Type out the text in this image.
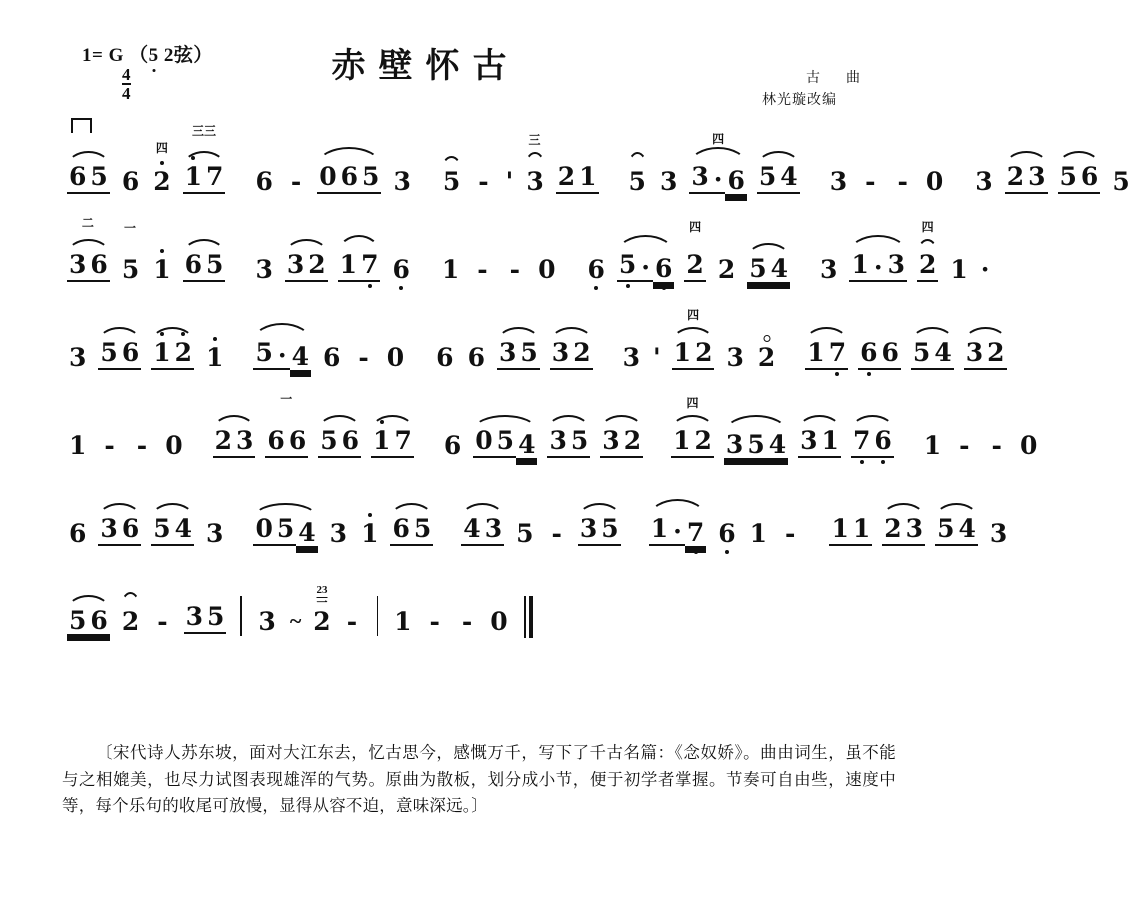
1= G （5 2弦）
$\frac{4}{4}$	赤壁怀古	古曲
林光璇改编
6 5 6
四
2
三三
1 7 6 - 0 6 5 3 5 - '
三
3 2 1 5 3
四
3 · 6 5 4 3 - - 0 3 2 3 5 6 5
二
3 6
一
5 1 6 5 3 3 2 1 7 6 1 - - 0 6 5 · 6
四
2 2 5 4 3 1 · 3
四
2 1 ·
3 5 6 1 2 1 5 · 4 6 - 0 6 6 3 5 3 2 3 '
四
1 2 3 2 1 7 6 6 5 4 3 2
1 - - 0 2 3
一
6 6 5 6 1 7 6 0 5 4 3 5 3 2
四
1 2 3 5 4 3 1 7 6 1 - - 0
6 3 6 5 4 3 0 5 4 3 1 6 5 4 3 5 - 3 5 1 · 7 6 1 - 1 1 2 3 5 4 3
5 6 2 - 3 5 3 ~
$\frac{23}{\text{一}}$
2 - 1 - - 0
〔宋代诗人苏东坡，面对大江东去，忆古思今，感慨万千，写下了千古名篇：《念奴娇》。曲由词生，虽不能与之相媲美，也尽力试图表现雄浑的气势。原曲为散板，划分成小节，便于初学者掌握。节奏可自由些，速度中等，每个乐句的收尾可放慢，显得从容不迫，意味深远。〕
